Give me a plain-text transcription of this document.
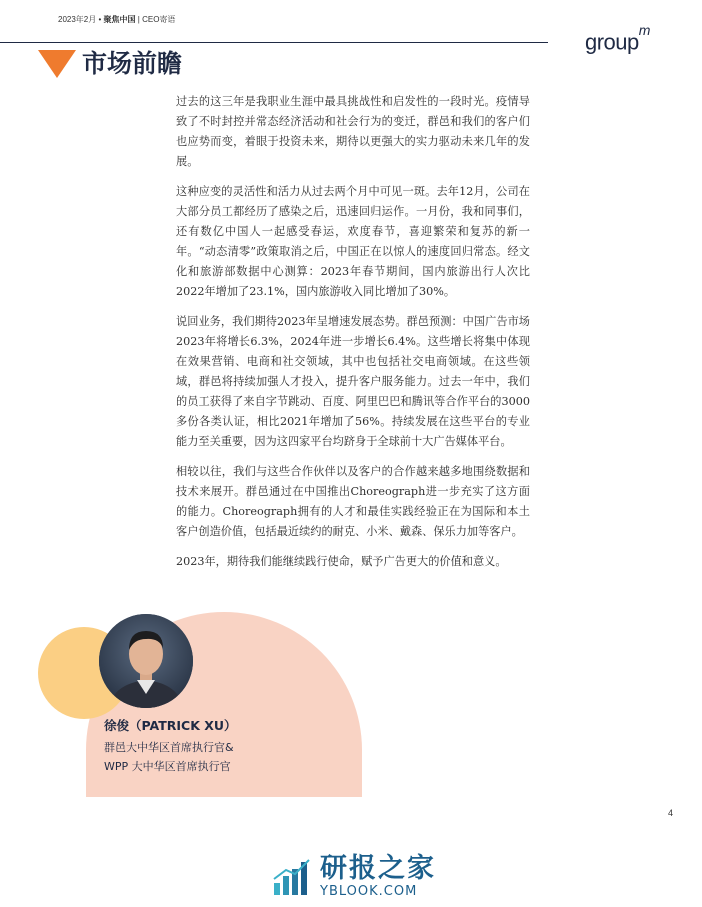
2023年2月 • 聚焦中国 | CEO寄语
group$^m$
市场前瞻

过去的这三年是我职业生涯中最具挑战性和启发性的一段时光。疫情导致了不时封控并常态经济活动和社会行为的变迁，群邑和我们的客户们也应势而变，着眼于投资未来，期待以更强大的实力驱动未来几年的发展。

这种应变的灵活性和活力从过去两个月中可见一斑。去年12月，公司在大部分员工都经历了感染之后，迅速回归运作。一月份，我和同事们，还有数亿中国人一起感受春运，欢度春节，喜迎繁荣和复苏的新一年。“动态清零”政策取消之后，中国正在以惊人的速度回归常态。经文化和旅游部数据中心测算：2023年春节期间，国内旅游出行人次比2022年增加了23.1%，国内旅游收入同比增加了30%。

说回业务，我们期待2023年呈增速发展态势。群邑预测：中国广告市场2023年将增长6.3%，2024年进一步增长6.4%。这些增长将集中体现在效果营销、电商和社交领域，其中也包括社交电商领域。在这些领域，群邑将持续加强人才投入，提升客户服务能力。过去一年中，我们的员工获得了来自字节跳动、百度、阿里巴巴和腾讯等合作平台的3000多份各类认证，相比2021年增加了56%。持续发展在这些平台的专业能力至关重要，因为这四家平台均跻身于全球前十大广告媒体平台。

相较以往，我们与这些合作伙伴以及客户的合作越来越多地围绕数据和技术来展开。群邑通过在中国推出Choreograph进一步充实了这方面的能力。Choreograph拥有的人才和最佳实践经验正在为国际和本土客户创造价值，包括最近续约的耐克、小米、戴森、保乐力加等客户。

2023年，期待我们能继续践行使命，赋予广告更大的价值和意义。

徐俊（PATRICK XU）
群邑大中华区首席执行官&
WPP 大中华区首席执行官
4
研报之家
YBLOOK.COM
